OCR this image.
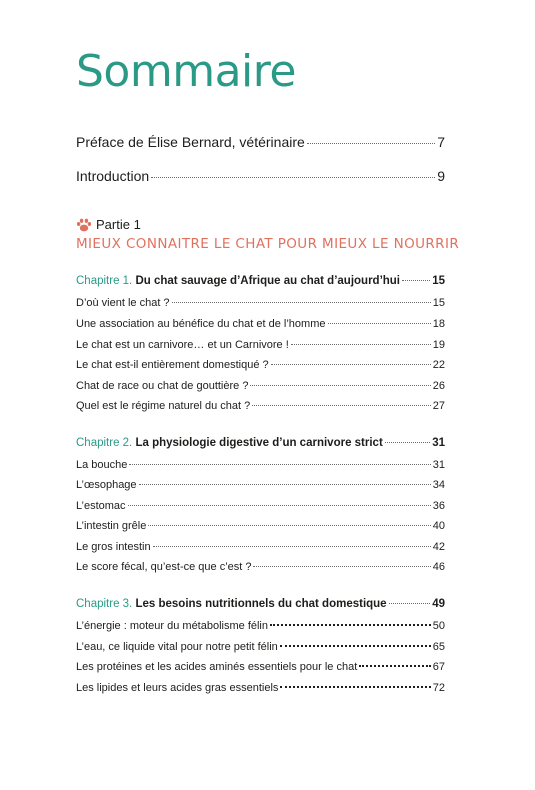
Sommaire
Préface de Élise Bernard, vétérinaire	7
Introduction	9
Partie 1
MIEUX CONNAITRE LE CHAT POUR MIEUX LE NOURRIR
Chapitre 1. Du chat sauvage d’Afrique au chat d’aujourd’hui	15
D’où vient le chat ?	15
Une association au bénéfice du chat et de l’homme	18
Le chat est un carnivore… et un Carnivore !	19
Le chat est-il entièrement domestiqué ?	22
Chat de race ou chat de gouttière ?	26
Quel est le régime naturel du chat ?	27
Chapitre 2. La physiologie digestive d’un carnivore strict	31
La bouche	31
L’œsophage	34
L’estomac	36
L’intestin grêle	40
Le gros intestin	42
Le score fécal, qu’est-ce que c’est ?	46
Chapitre 3. Les besoins nutritionnels du chat domestique	49
L’énergie : moteur du métabolisme félin	50
L’eau, ce liquide vital pour notre petit félin	65
Les protéines et les acides aminés essentiels pour le chat	67
Les lipides et leurs acides gras essentiels	72
